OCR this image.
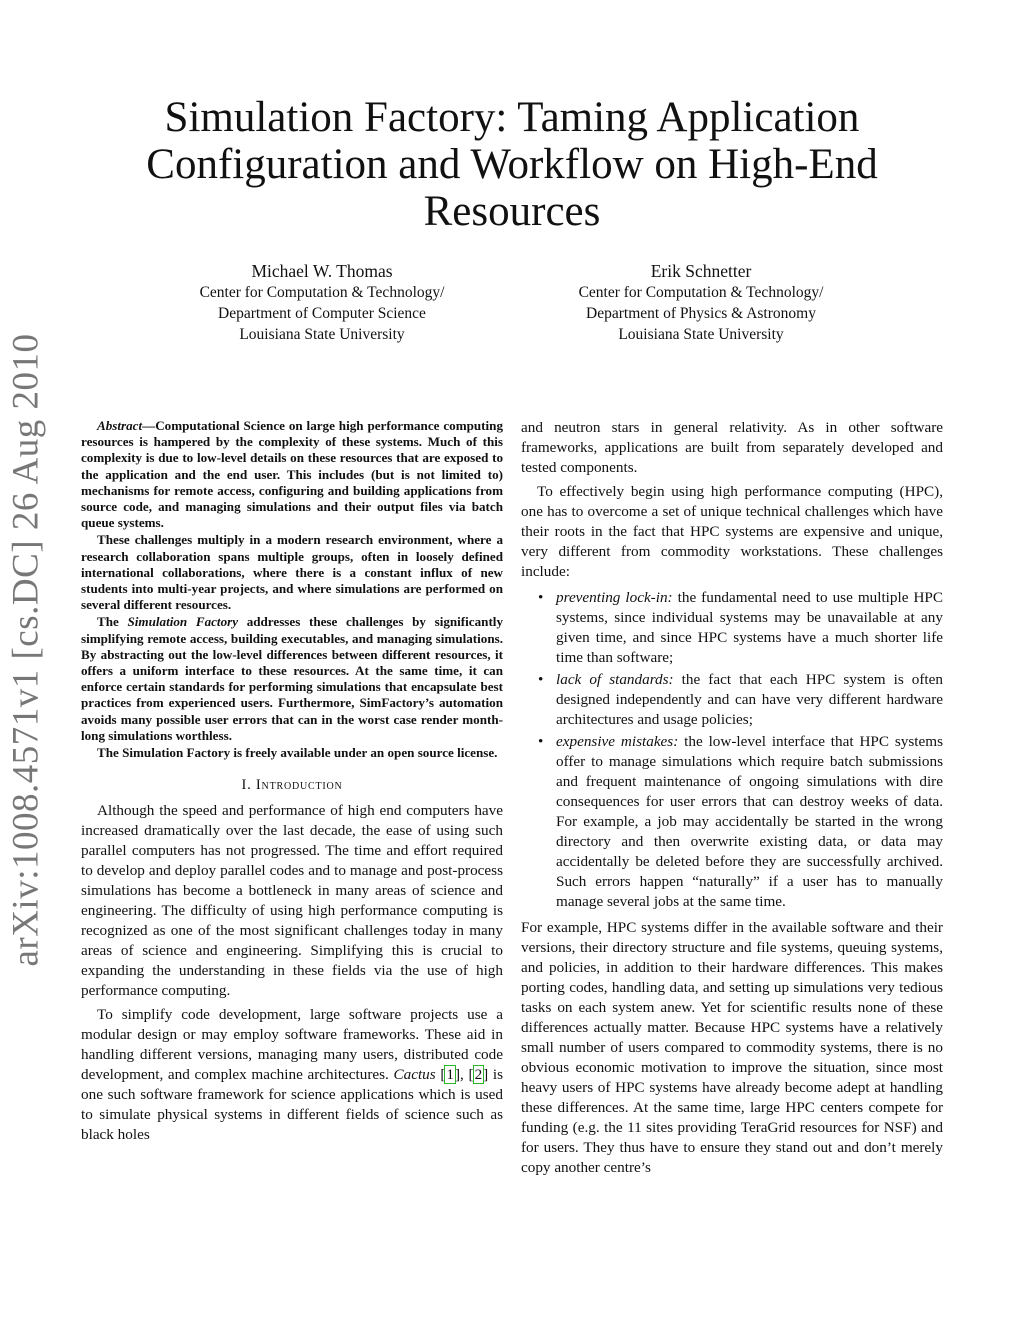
arXiv:1008.4571v1 [cs.DC] 26 Aug 2010
Simulation Factory: Taming Application
Configuration and Workflow on High-End
Resources
Michael W. Thomas
Center for Computation & Technology/
Department of Computer Science
Louisiana State University
Erik Schnetter
Center for Computation & Technology/
Department of Physics & Astronomy
Louisiana State University

Abstract—Computational Science on large high performance computing resources is hampered by the complexity of these systems. Much of this complexity is due to low-level details on these resources that are exposed to the application and the end user. This includes (but is not limited to) mechanisms for remote access, configuring and building applications from source code, and managing simulations and their output files via batch queue systems.

These challenges multiply in a modern research environment, where a research collaboration spans multiple groups, often in loosely defined international collaborations, where there is a constant influx of new students into multi-year projects, and where simulations are performed on several different resources.

The Simulation Factory addresses these challenges by significantly simplifying remote access, building executables, and managing simulations. By abstracting out the low-level differences between different resources, it offers a uniform interface to these resources. At the same time, it can enforce certain standards for performing simulations that encapsulate best practices from experienced users. Furthermore, SimFactory’s automation avoids many possible user errors that can in the worst case render month-long simulations worthless.

The Simulation Factory is freely available under an open source license.

I. Introduction

Although the speed and performance of high end computers have increased dramatically over the last decade, the ease of using such parallel computers has not progressed. The time and effort required to develop and deploy parallel codes and to manage and post-process simulations has become a bottleneck in many areas of science and engineering. The difficulty of using high performance computing is recognized as one of the most significant challenges today in many areas of science and engineering. Simplifying this is crucial to expanding the understanding in these fields via the use of high performance computing.

To simplify code development, large software projects use a modular design or may employ software frameworks. These aid in handling different versions, managing many users, distributed code development, and complex machine architectures. Cactus [1], [2] is one such software framework for science applications which is used to simulate physical systems in different fields of science such as black holes

and neutron stars in general relativity. As in other software frameworks, applications are built from separately developed and tested components.

To effectively begin using high performance computing (HPC), one has to overcome a set of unique technical challenges which have their roots in the fact that HPC systems are expensive and unique, very different from commodity workstations. These challenges include:

• preventing lock-in: the fundamental need to use multiple HPC systems, since individual systems may be unavailable at any given time, and since HPC systems have a much shorter life time than software;
• lack of standards: the fact that each HPC system is often designed independently and can have very different hardware architectures and usage policies;
• expensive mistakes: the low-level interface that HPC systems offer to manage simulations which require batch submissions and frequent maintenance of ongoing simulations with dire consequences for user errors that can destroy weeks of data. For example, a job may accidentally be started in the wrong directory and then overwrite existing data, or data may accidentally be deleted before they are successfully archived. Such errors happen “naturally” if a user has to manually manage several jobs at the same time.

For example, HPC systems differ in the available software and their versions, their directory structure and file systems, queuing systems, and policies, in addition to their hardware differences. This makes porting codes, handling data, and setting up simulations very tedious tasks on each system anew. Yet for scientific results none of these differences actually matter. Because HPC systems have a relatively small number of users compared to commodity systems, there is no obvious economic motivation to improve the situation, since most heavy users of HPC systems have already become adept at handling these differences. At the same time, large HPC centers compete for funding (e.g. the 11 sites providing TeraGrid resources for NSF) and for users. They thus have to ensure they stand out and don’t merely copy another centre’s
